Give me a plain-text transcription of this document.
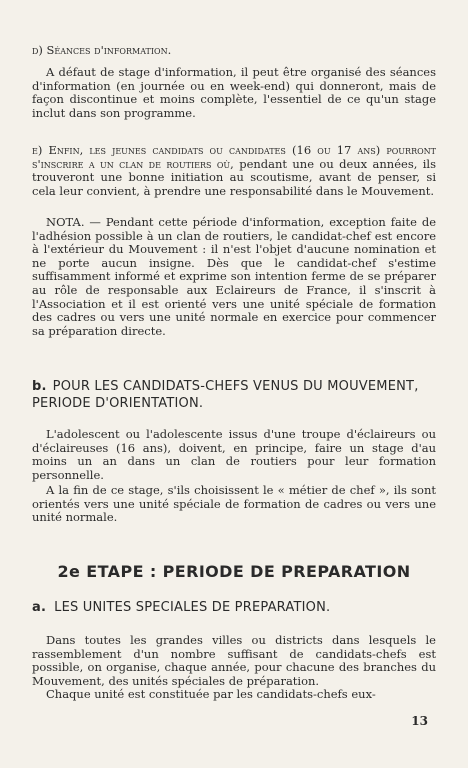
d) Séances d'information.

A défaut de stage d'information, il peut être organisé des séances d'information (en journée ou en week-end) qui donneront, mais de façon discontinue et moins complète, l'essentiel de ce qu'un stage inclut dans son programme.

e) Enfin, les jeunes candidats ou candidates (16 ou 17 ans) pourront s'inscrire a un clan de routiers où, pendant une ou deux années, ils trouveront une bonne initiation au scoutisme, avant de penser, si cela leur convient, à prendre une responsabilité dans le Mouvement.

NOTA. — Pendant cette période d'information, exception faite de l'adhésion possible à un clan de routiers, le candidat-chef est encore à l'extérieur du Mouvement : il n'est l'objet d'aucune nomination et ne porte aucun insigne. Dès que le candidat-chef s'estime suffisamment informé et exprime son intention ferme de se préparer au rôle de responsable aux Eclaireurs de France, il s'inscrit à l'Association et il est orienté vers une unité spéciale de formation des cadres ou vers une unité normale en exercice pour commencer sa préparation directe.

b. POUR LES CANDIDATS-CHEFS VENUS DU MOUVEMENT, PERIODE D'ORIENTATION.

L'adolescent ou l'adolescente issus d'une troupe d'éclaireurs ou d'éclaireuses (16 ans), doivent, en principe, faire un stage d'au moins un an dans un clan de routiers pour leur formation personnelle.

A la fin de ce stage, s'ils choisissent le « métier de chef », ils sont orientés vers une unité spéciale de formation de cadres ou vers une unité normale.

2e ETAPE : PERIODE DE PREPARATION

a. LES UNITES SPECIALES DE PREPARATION.

Dans toutes les grandes villes ou districts dans lesquels le rassemblement d'un nombre suffisant de candidats-chefs est possible, on organise, chaque année, pour chacune des branches du Mouvement, des unités spéciales de préparation.

Chaque unité est constituée par les candidats-chefs eux-

13
